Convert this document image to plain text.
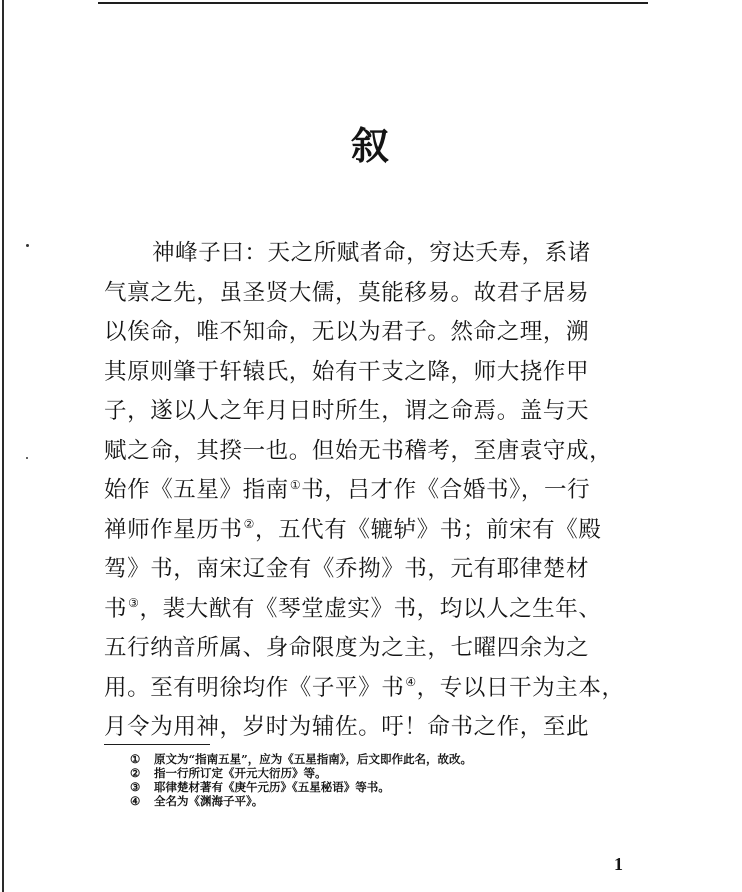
叙
神峰子曰：天之所赋者命，穷达夭寿，系诸
气禀之先，虽圣贤大儒，莫能移易。故君子居易
以俟命，唯不知命，无以为君子。然命之理，溯
其原则肇于轩辕氏，始有干支之降，师大挠作甲
子，遂以人之年月日时所生，谓之命焉。盖与天
赋之命，其揆一也。但始无书稽考，至唐袁守成，
始作《五星》指南①书，吕才作《合婚书》，一行
禅师作星历书②，五代有《辘轳》书；前宋有《殿
驾》书，南宋辽金有《乔拗》书，元有耶律楚材
书③，裴大猷有《琴堂虚实》书，均以人之生年、
五行纳音所属、身命限度为之主，七曜四余为之
用。至有明徐均作《子平》书④，专以日干为主本，
月令为用神，岁时为辅佐。吁！命书之作，至此
① 原文为“指南五星”，应为《五星指南》，后文即作此名，故改。
② 指一行所订定《开元大衍历》等。
③ 耶律楚材著有《庚午元历》《五星秘语》等书。
④ 全名为《渊海子平》。
1
